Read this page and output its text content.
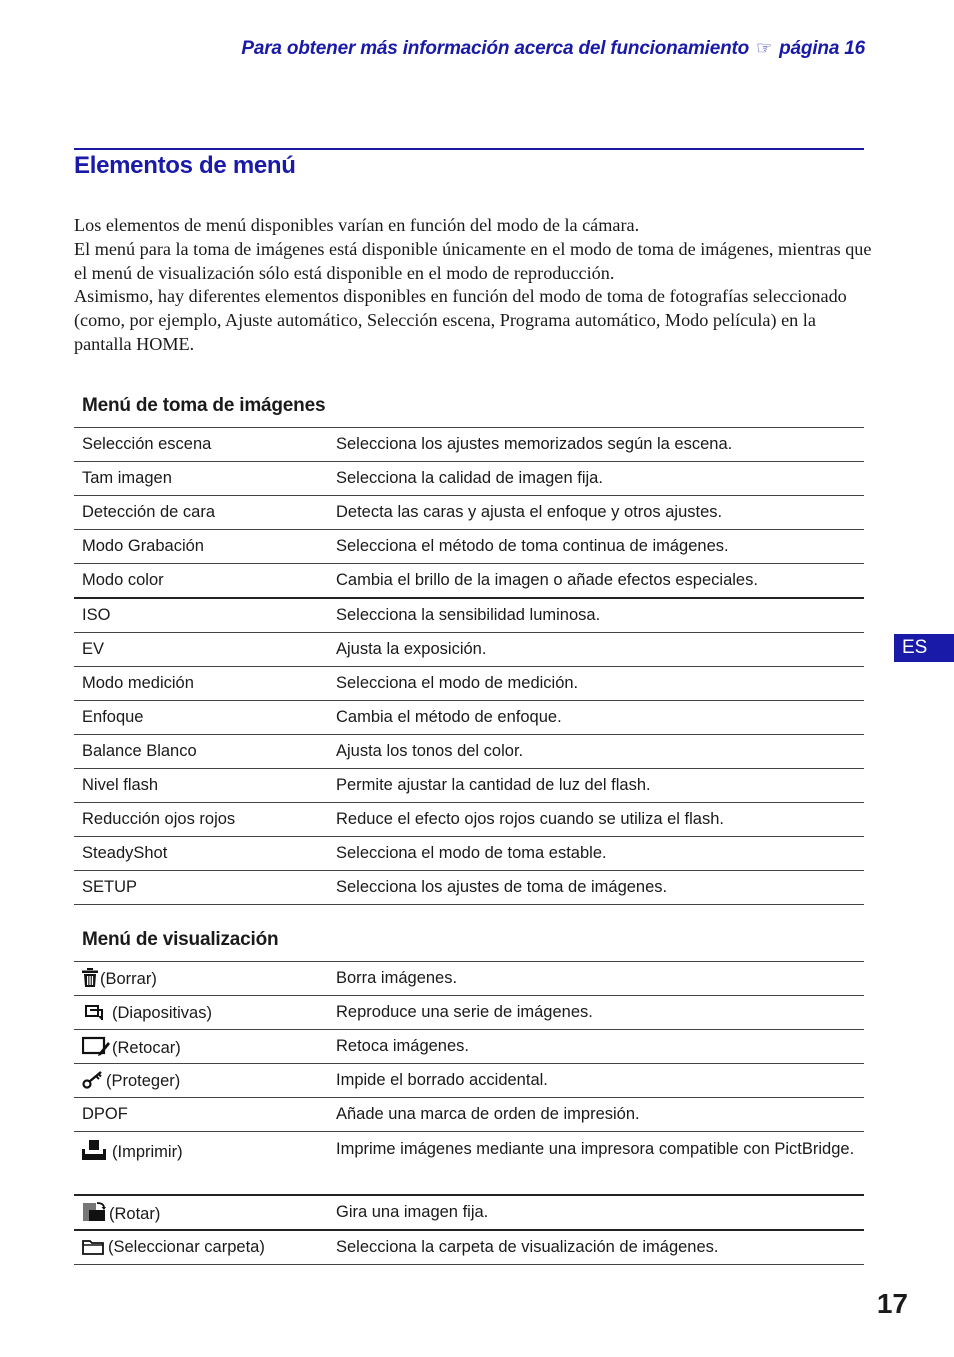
Para obtener más información acerca del funcionamiento ☞ página 16
Elementos de menú

Los elementos de menú disponibles varían en función del modo de la cámara.

El menú para la toma de imágenes está disponible únicamente en el modo de toma de imágenes, mientras que el menú de visualización sólo está disponible en el modo de reproducción.

Asimismo, hay diferentes elementos disponibles en función del modo de toma de fotografías seleccionado (como, por ejemplo, Ajuste automático, Selección escena, Programa automático, Modo película) en la pantalla HOME.

Menú de toma de imágenes
Selección escena	Selecciona los ajustes memorizados según la escena.
Tam imagen	Selecciona la calidad de imagen fija.
Detección de cara	Detecta las caras y ajusta el enfoque y otros ajustes.
Modo Grabación	Selecciona el método de toma continua de imágenes.
Modo color	Cambia el brillo de la imagen o añade efectos especiales.
ISO	Selecciona la sensibilidad luminosa.
EV	Ajusta la exposición.
Modo medición	Selecciona el modo de medición.
Enfoque	Cambia el método de enfoque.
Balance Blanco	Ajusta los tonos del color.
Nivel flash	Permite ajustar la cantidad de luz del flash.
Reducción ojos rojos	Reduce el efecto ojos rojos cuando se utiliza el flash.
SteadyShot	Selecciona el modo de toma estable.
SETUP	Selecciona los ajustes de toma de imágenes.
Menú de visualización
(Borrar)	Borra imágenes.
(Diapositivas)	Reproduce una serie de imágenes.
(Retocar)	Retoca imágenes.
(Proteger)	Impide el borrado accidental.
DPOF	Añade una marca de orden de impresión.
(Imprimir)	Imprime imágenes mediante una impresora compatible con PictBridge.
(Rotar)	Gira una imagen fija.
(Seleccionar carpeta)	Selecciona la carpeta de visualización de imágenes.
ES
17
